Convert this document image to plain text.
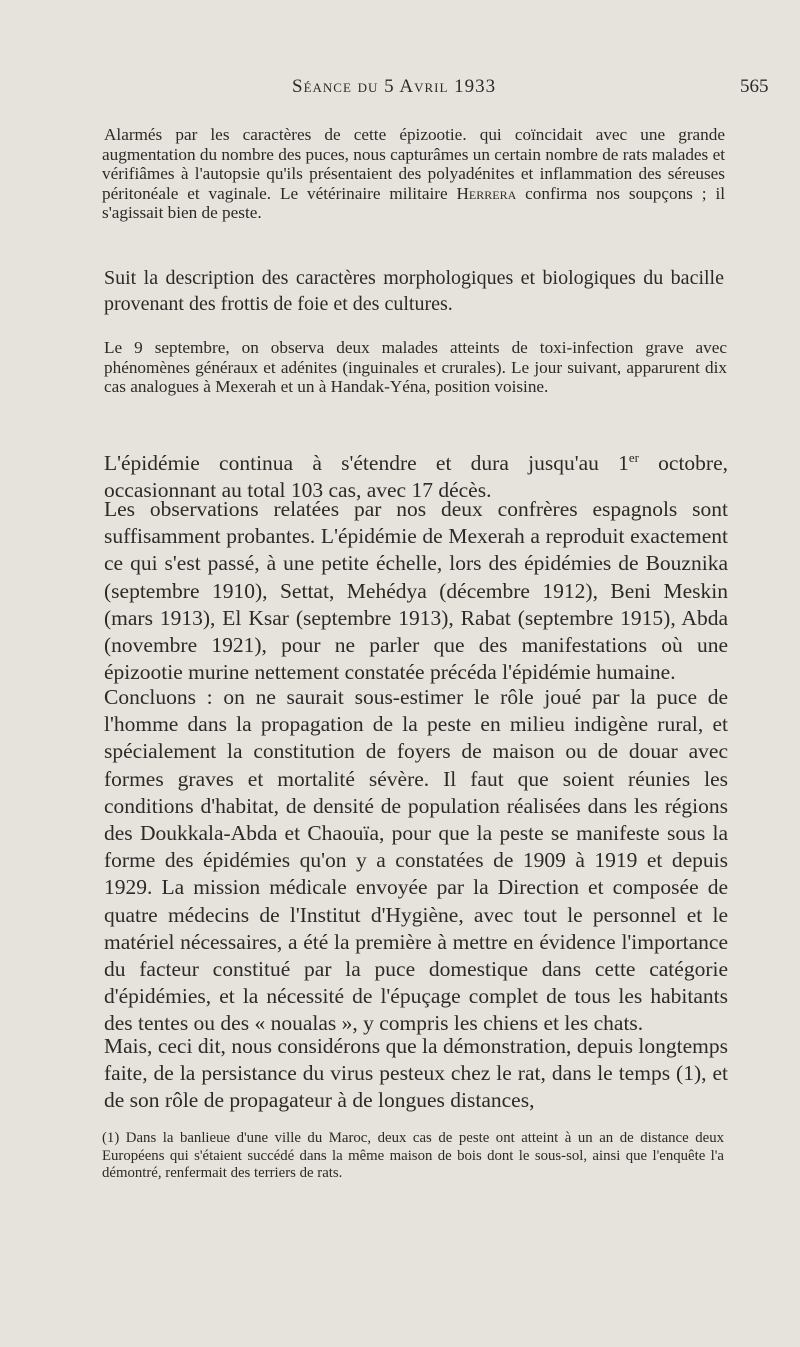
Séance du 5 Avril 1933	565

Alarmés par les caractères de cette épizootie. qui coïncidait avec une grande augmentation du nombre des puces, nous capturâmes un certain nombre de rats malades et vérifiâmes à l'autopsie qu'ils présentaient des polyadénites et inflammation des séreuses péritonéale et vaginale. Le vétérinaire militaire Herrera confirma nos soupçons ; il s'agissait bien de peste.

Suit la description des caractères morphologiques et biologiques du bacille provenant des frottis de foie et des cultures.

Le 9 septembre, on observa deux malades atteints de toxi-infection grave avec phénomènes généraux et adénites (inguinales et crurales). Le jour suivant, apparurent dix cas analogues à Mexerah et un à Handak-Yéna, position voisine.

L'épidémie continua à s'étendre et dura jusqu'au 1er octobre, occasionnant au total 103 cas, avec 17 décès.

Les observations relatées par nos deux confrères espagnols sont suffisamment probantes. L'épidémie de Mexerah a reproduit exactement ce qui s'est passé, à une petite échelle, lors des épidémies de Bouznika (septembre 1910), Settat, Mehédya (décembre 1912), Beni Meskin (mars 1913), El Ksar (septembre 1913), Rabat (septembre 1915), Abda (novembre 1921), pour ne parler que des manifestations où une épizootie murine nettement constatée précéda l'épidémie humaine.

Concluons : on ne saurait sous-estimer le rôle joué par la puce de l'homme dans la propagation de la peste en milieu indigène rural, et spécialement la constitution de foyers de maison ou de douar avec formes graves et mortalité sévère. Il faut que soient réunies les conditions d'habitat, de densité de population réalisées dans les régions des Doukkala-Abda et Chaouïa, pour que la peste se manifeste sous la forme des épidémies qu'on y a constatées de 1909 à 1919 et depuis 1929. La mission médicale envoyée par la Direction et composée de quatre médecins de l'Institut d'Hygiène, avec tout le personnel et le matériel nécessaires, a été la première à mettre en évidence l'importance du facteur constitué par la puce domestique dans cette catégorie d'épidémies, et la nécessité de l'épuçage complet de tous les habitants des tentes ou des « noualas », y compris les chiens et les chats.

Mais, ceci dit, nous considérons que la démonstration, depuis longtemps faite, de la persistance du virus pesteux chez le rat, dans le temps (1), et de son rôle de propagateur à de longues distances,

(1) Dans la banlieue d'une ville du Maroc, deux cas de peste ont atteint à un an de distance deux Européens qui s'étaient succédé dans la même maison de bois dont le sous-sol, ainsi que l'enquête l'a démontré, renfermait des terriers de rats.
